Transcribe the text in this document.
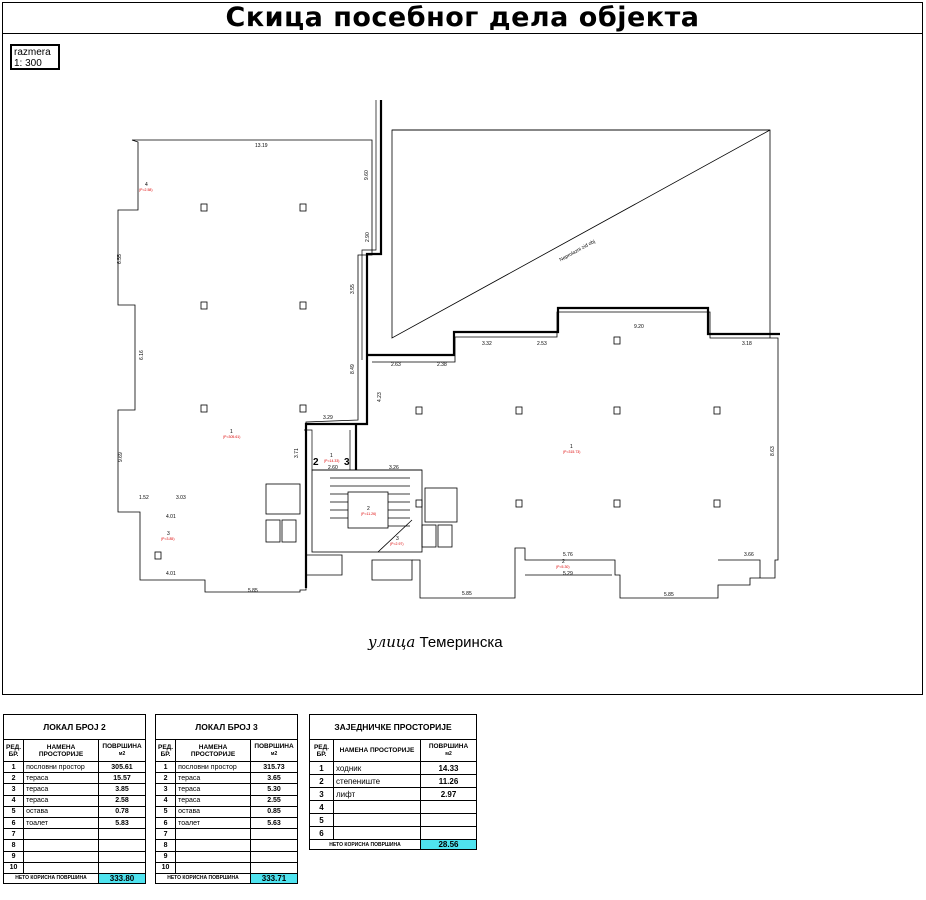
Скица посебног дела објекта
razmera
1: 300
13.19
1.52	3.03
4.01
4.01
5.85	5.85	5.85
6.55
6.16
9.69
9.20
3.18
8.63
3.32	2.53
2.63	2.38
4.23
8.49
3.29
3.71
2.60	3.26
5.29
5.76	3.66
2.90
3.55
9.60
Neprolazni zid obj
1
(P=305.61)
1
(P=315.73)
1
(P=14.33)
2
(P=11.26)
3
(P=2.97)
3
(P=3.85)
4
(P=2.58)
2
(P=5.30)
2	3
улица Темеринска
ЛОКАЛ БРОЈ 2		
РЕД. БР.	НАМЕНА ПРОСТОРИЈЕ	ПОВРШИНА
м2
1	пословни простор	305.61
2	тераса	15.57
3	тераса	3.85
4	тераса	2.58
5	остава	0.78
6	тоалет	5.83
7		
8		
9		
10		
НЕТО КОРИСНА ПОВРШИНА		333.80
ЛОКАЛ БРОЈ 3		
РЕД. БР.	НАМЕНА ПРОСТОРИЈЕ	ПОВРШИНА
м2
1	пословни простор	315.73
2	тераса	3.65
3	тераса	5.30
4	тераса	2.55
5	остава	0.85
6	тоалет	5.63
7		
8		
9		
10		
НЕТО КОРИСНА ПОВРШИНА		333.71
ЗАЈЕДНИЧКЕ ПРОСТОРИЈЕ		
РЕД. БР.	НАМЕНА ПРОСТОРИЈЕ	ПОВРШИНА
м2
1	ходник	14.33
2	степениште	11.26
3	лифт	2.97
4		
5		
6		
НЕТО КОРИСНА ПОВРШИНА		28.56
